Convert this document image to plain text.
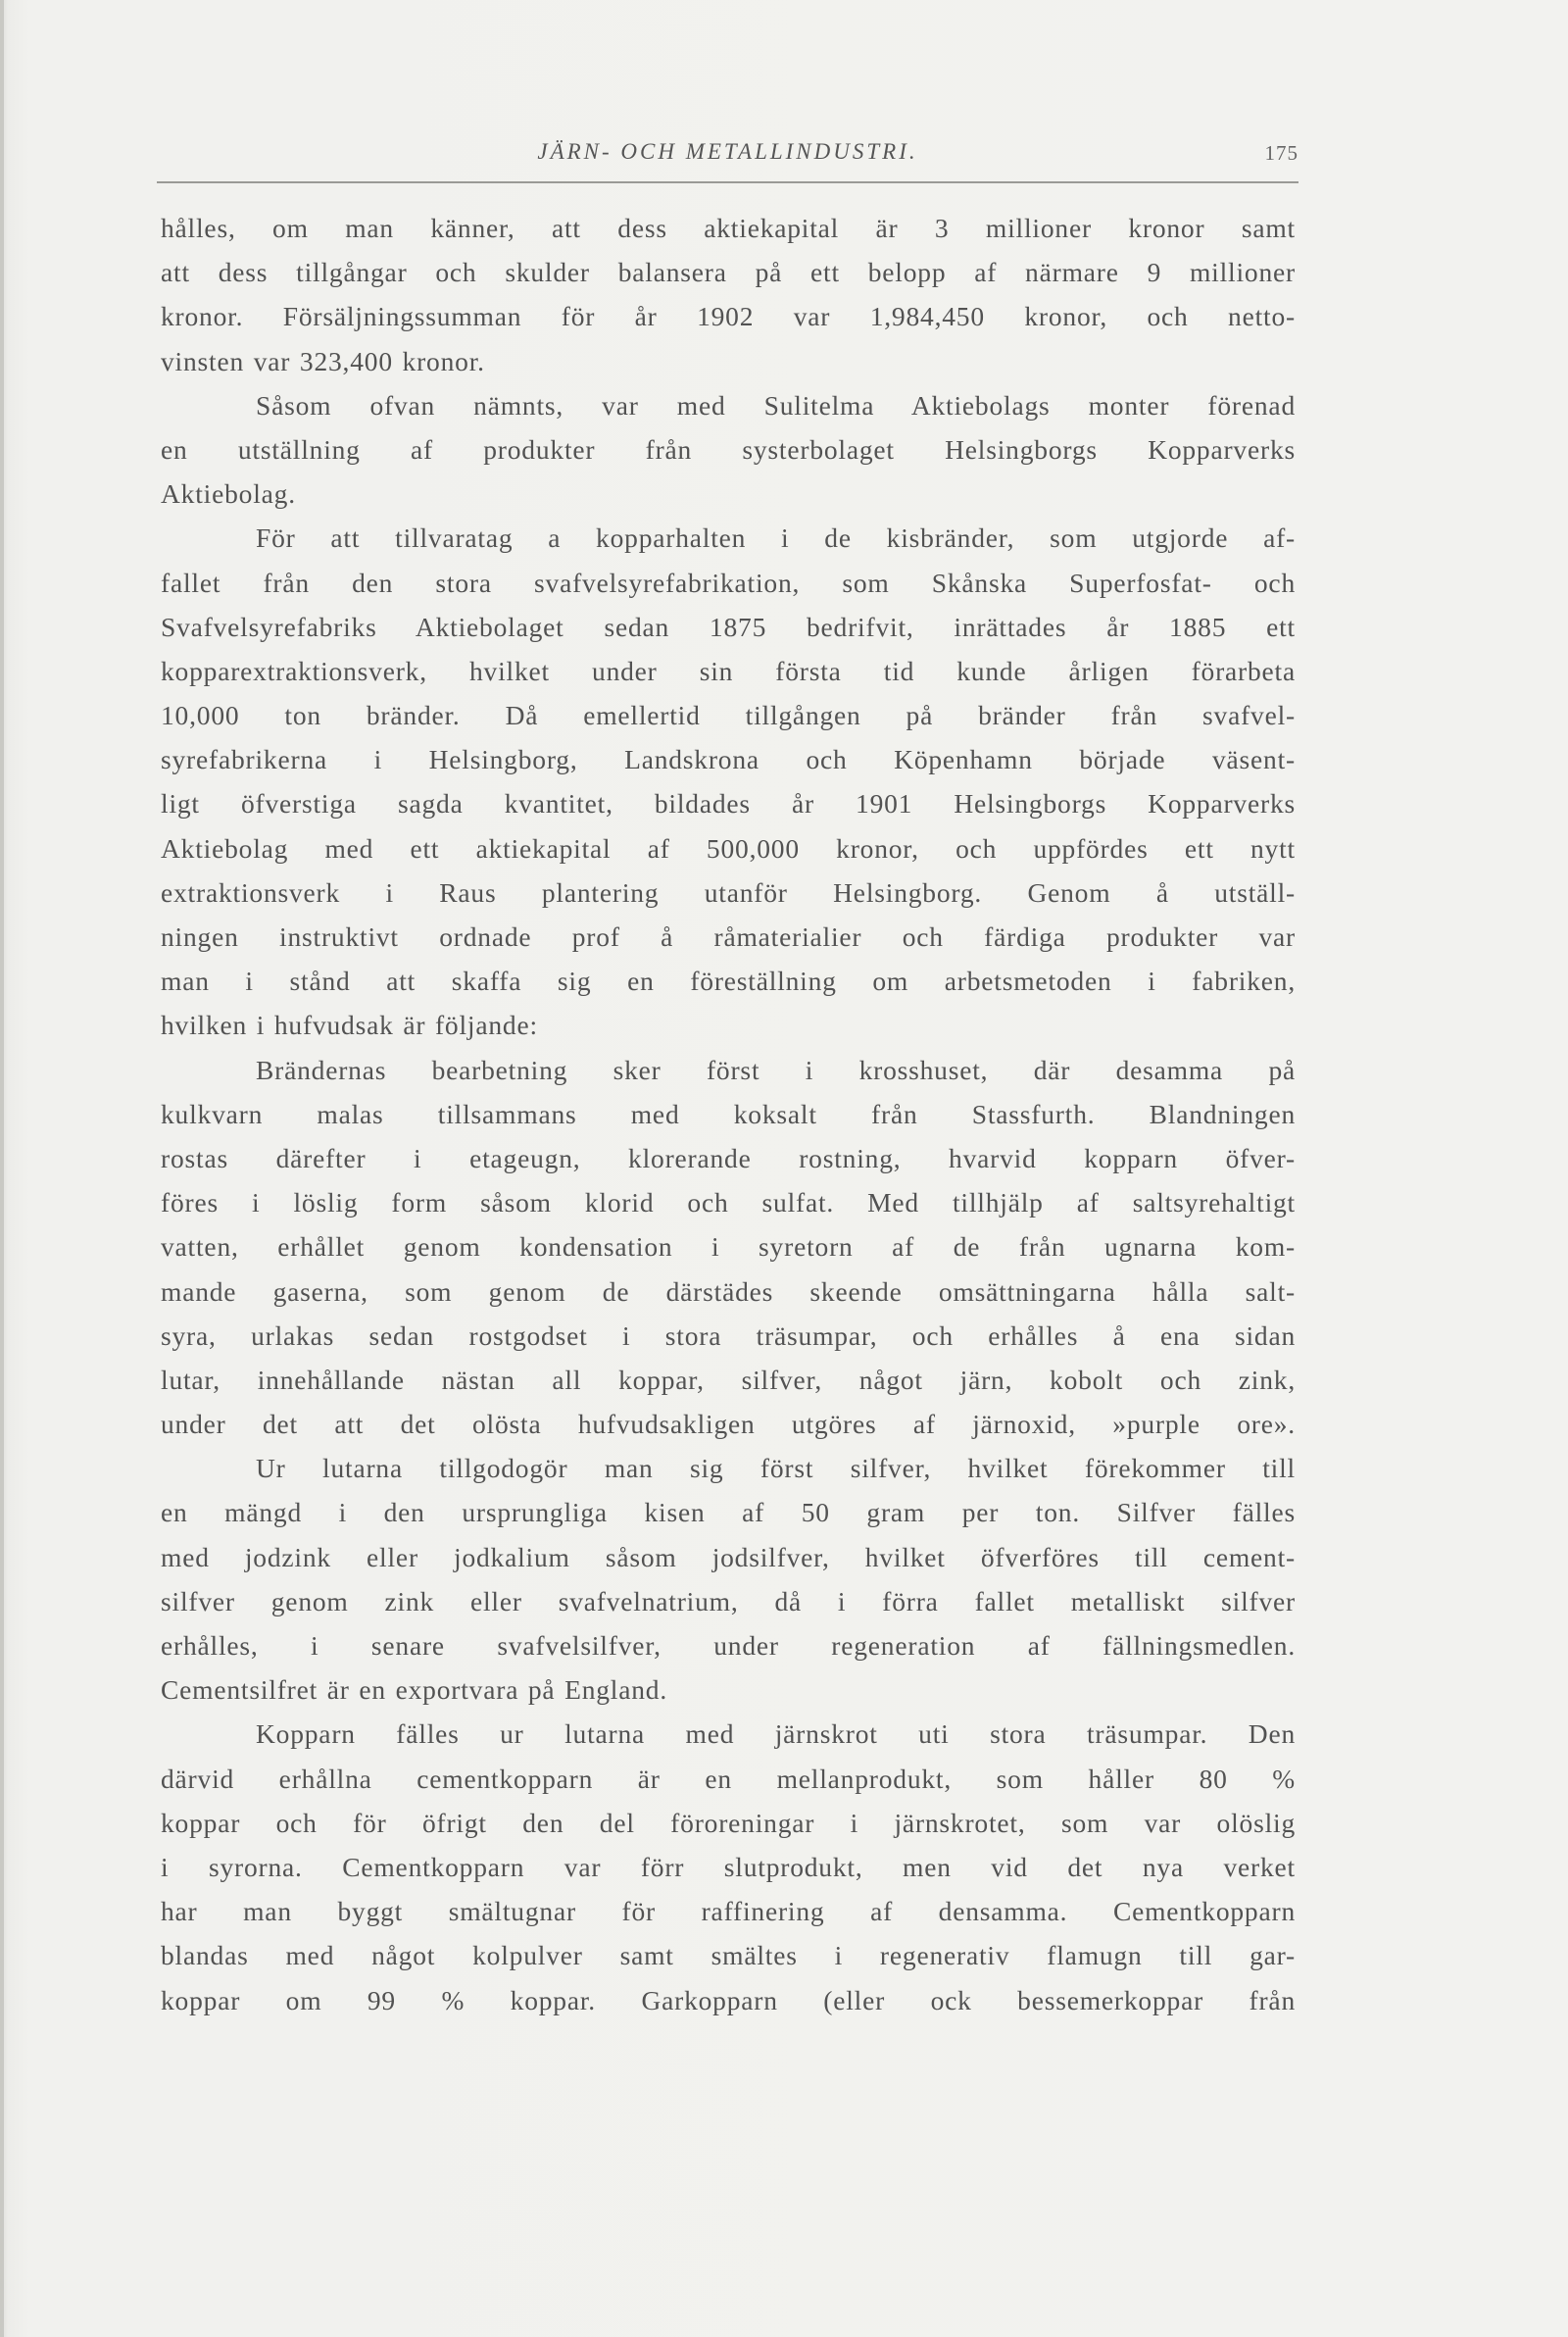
JÄRN- OCH METALLINDUSTRI.	175
hålles, om man känner, att dess aktiekapital är 3 millioner kronor samt
att dess tillgångar och skulder balansera på ett belopp af närmare 9 millioner
kronor. Försäljningssumman för år 1902 var 1,984,450 kronor, och netto-
vinsten var 323,400 kronor.
Såsom ofvan nämnts, var med Sulitelma Aktiebolags monter förenad
en utställning af produkter från systerbolaget Helsingborgs Kopparverks
Aktiebolag.
För att tillvaratag a kopparhalten i de kisbränder, som utgjorde af-
fallet från den stora svafvelsyrefabrikation, som Skånska Superfosfat- och
Svafvelsyrefabriks Aktiebolaget sedan 1875 bedrifvit, inrättades år 1885 ett
kopparextraktionsverk, hvilket under sin första tid kunde årligen förarbeta
10,000 ton bränder. Då emellertid tillgången på bränder från svafvel-
syrefabrikerna i Helsingborg, Landskrona och Köpenhamn började väsent-
ligt öfverstiga sagda kvantitet, bildades år 1901 Helsingborgs Kopparverks
Aktiebolag med ett aktiekapital af 500,000 kronor, och uppfördes ett nytt
extraktionsverk i Raus plantering utanför Helsingborg. Genom å utställ-
ningen instruktivt ordnade prof å råmaterialier och färdiga produkter var
man i stånd att skaffa sig en föreställning om arbetsmetoden i fabriken,
hvilken i hufvudsak är följande:
Brändernas bearbetning sker först i krosshuset, där desamma på
kulkvarn malas tillsammans med koksalt från Stassfurth. Blandningen
rostas därefter i etageugn, klorerande rostning, hvarvid kopparn öfver-
föres i löslig form såsom klorid och sulfat. Med tillhjälp af saltsyrehaltigt
vatten, erhållet genom kondensation i syretorn af de från ugnarna kom-
mande gaserna, som genom de därstädes skeende omsättningarna hålla salt-
syra, urlakas sedan rostgodset i stora träsumpar, och erhålles å ena sidan
lutar, innehållande nästan all koppar, silfver, något järn, kobolt och zink,
under det att det olösta hufvudsakligen utgöres af järnoxid, »purple ore».
Ur lutarna tillgodogör man sig först silfver, hvilket förekommer till
en mängd i den ursprungliga kisen af 50 gram per ton. Silfver fälles
med jodzink eller jodkalium såsom jodsilfver, hvilket öfverföres till cement-
silfver genom zink eller svafvelnatrium, då i förra fallet metalliskt silfver
erhålles, i senare svafvelsilfver, under regeneration af fällningsmedlen.
Cementsilfret är en exportvara på England.
Kopparn fälles ur lutarna med järnskrot uti stora träsumpar. Den
därvid erhållna cementkopparn är en mellanprodukt, som håller 80 %
koppar och för öfrigt den del föroreningar i järnskrotet, som var olöslig
i syrorna. Cementkopparn var förr slutprodukt, men vid det nya verket
har man byggt smältugnar för raffinering af densamma. Cementkopparn
blandas med något kolpulver samt smältes i regenerativ flamugn till gar-
koppar om 99 % koppar. Garkopparn (eller ock bessemerkoppar från
